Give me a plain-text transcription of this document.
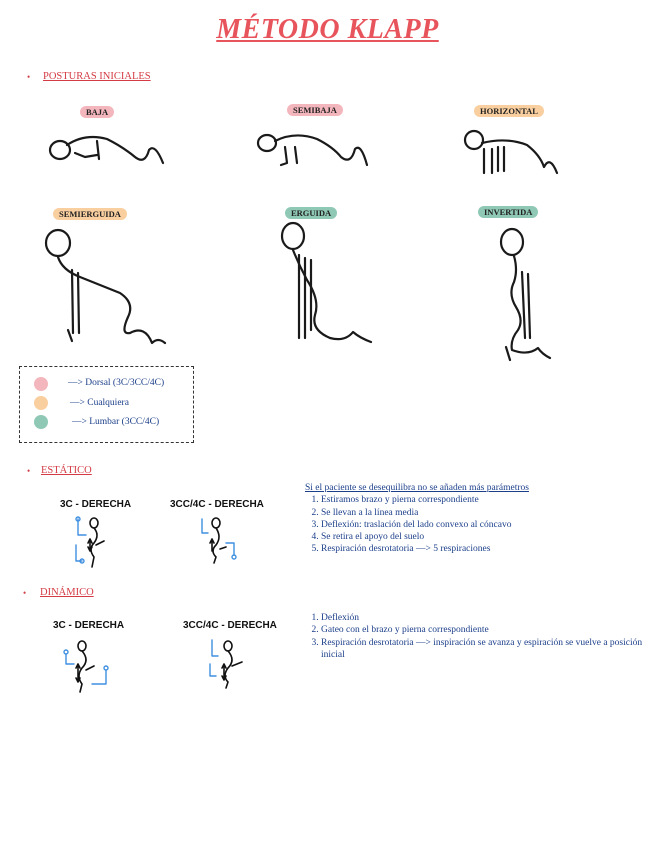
MÉTODO KLAPP
• POSTURAS INICIALES
BAJA	SEMIBAJA	HORIZONTAL
SEMIERGUIDA	ERGUIDA	INVERTIDA
—> Dorsal (3C/3CC/4C)
—> Cualquiera
—> Lumbar (3CC/4C)
• ESTÁTICO
3C - DERECHA	3CC/4C - DERECHA
Si el paciente se desequilibra no se añaden más parámetros
1. Estiramos brazo y pierna correspondiente
2. Se llevan a la línea media
3. Deflexión: traslación del lado convexo al cóncavo
4. Se retira el apoyo del suelo
5. Respiración desrotatoria —> 5 respiraciones
• DINÁMICO
3C - DERECHA	3CC/4C - DERECHA
1. Deflexión
2. Gateo con el brazo y pierna correspondiente
3. Respiración desrotatoria —> inspiración se avanza y espiración se vuelve a posición inicial
